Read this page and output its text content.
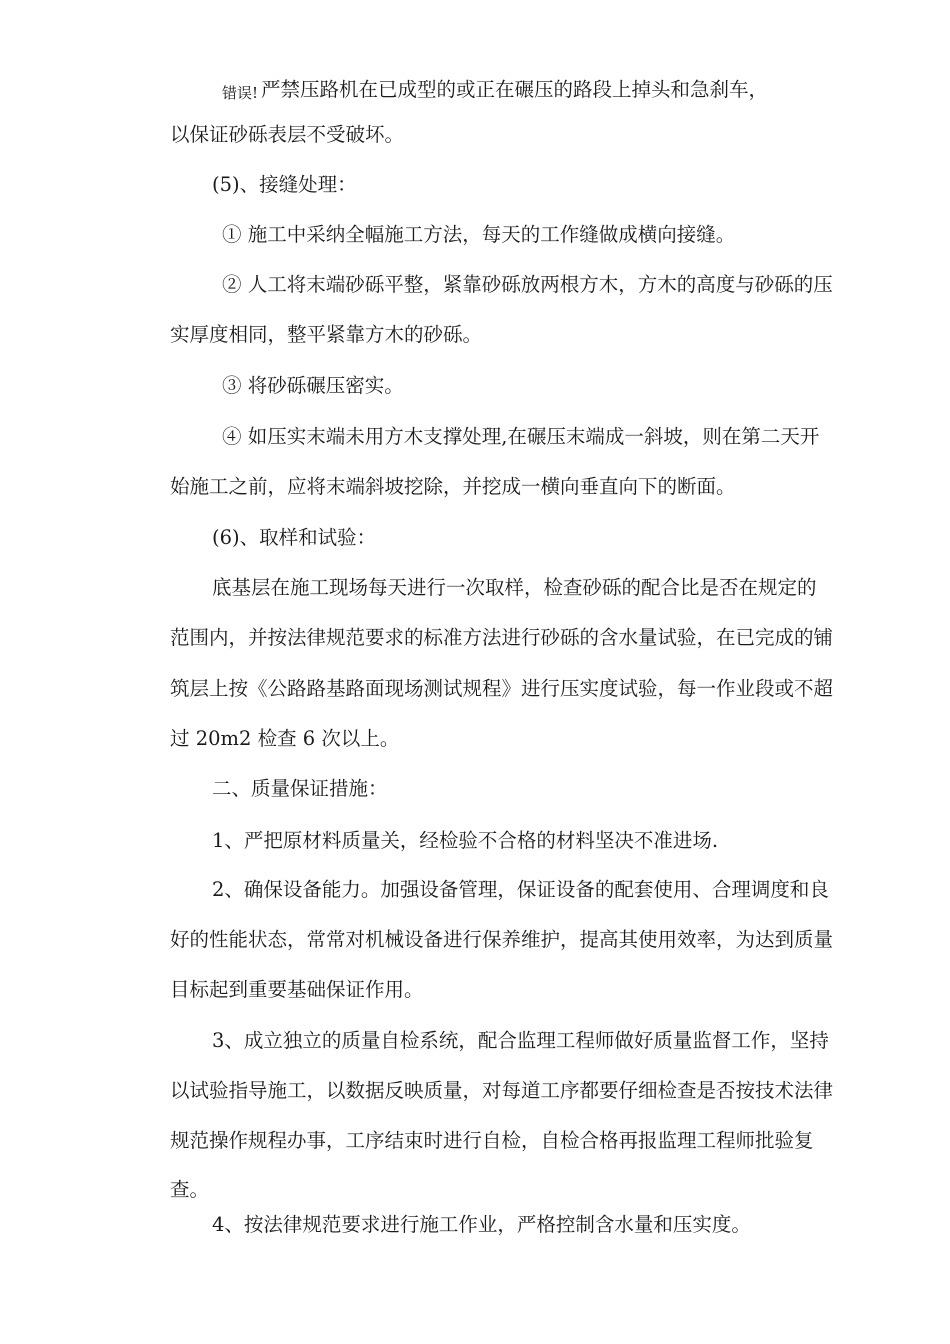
错误! 严禁压路机在已成型的或正在碾压的路段上掉头和急刹车，
以保证砂砾表层不受破坏。
(5)、接缝处理：
① 施工中采纳全幅施工方法，每天的工作缝做成横向接缝。
② 人工将末端砂砾平整，紧靠砂砾放两根方木，方木的高度与砂砾的压
实厚度相同，整平紧靠方木的砂砾。
③ 将砂砾碾压密实。
④ 如压实末端未用方木支撑处理,在碾压末端成一斜坡，则在第二天开
始施工之前，应将末端斜坡挖除，并挖成一横向垂直向下的断面。
(6)、取样和试验：
底基层在施工现场每天进行一次取样，检查砂砾的配合比是否在规定的
范围内，并按法律规范要求的标准方法进行砂砾的含水量试验，在已完成的铺
筑层上按《公路路基路面现场测试规程》进行压实度试验，每一作业段或不超
过 20m2 检查 6 次以上。
二、质量保证措施：
1、严把原材料质量关，经检验不合格的材料坚决不准进场.
2、确保设备能力。加强设备管理，保证设备的配套使用、合理调度和良
好的性能状态，常常对机械设备进行保养维护，提高其使用效率，为达到质量
目标起到重要基础保证作用。
3、成立独立的质量自检系统，配合监理工程师做好质量监督工作，坚持
以试验指导施工，以数据反映质量，对每道工序都要仔细检查是否按技术法律
规范操作规程办事，工序结束时进行自检，自检合格再报监理工程师批验复
查。
4、按法律规范要求进行施工作业，严格控制含水量和压实度。
